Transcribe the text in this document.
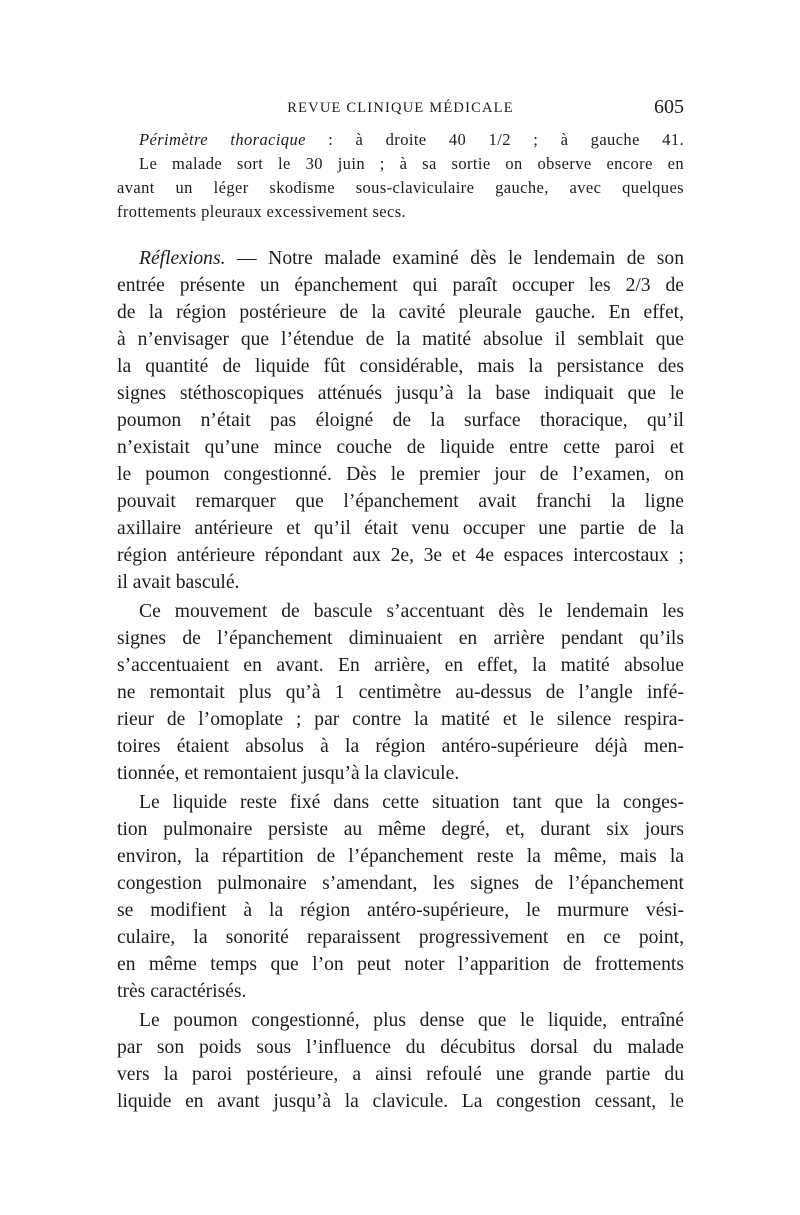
REVUE CLINIQUE MÉDICALE	605
Périmètre thoracique : à droite 40 1/2 ; à gauche 41.
Le malade sort le 30 juin ; à sa sortie on observe encore en
avant un léger skodisme sous-claviculaire gauche, avec quelques
frottements pleuraux excessivement secs.
Réflexions. — Notre malade examiné dès le lendemain de son
entrée présente un épanchement qui paraît occuper les 2/3 de
de la région postérieure de la cavité pleurale gauche. En effet,
à n’envisager que l’étendue de la matité absolue il semblait que
la quantité de liquide fût considérable, mais la persistance des
signes stéthoscopiques atténués jusqu’à la base indiquait que le
poumon n’était pas éloigné de la surface thoracique, qu’il
n’existait qu’une mince couche de liquide entre cette paroi et
le poumon congestionné. Dès le premier jour de l’examen, on
pouvait remarquer que l’épanchement avait franchi la ligne
axillaire antérieure et qu’il était venu occuper une partie de la
région antérieure répondant aux 2e, 3e et 4e espaces intercostaux ;
il avait basculé.
Ce mouvement de bascule s’accentuant dès le lendemain les
signes de l’épanchement diminuaient en arrière pendant qu’ils
s’accentuaient en avant. En arrière, en effet, la matité absolue
ne remontait plus qu’à 1 centimètre au-dessus de l’angle infé-
rieur de l’omoplate ; par contre la matité et le silence respira-
toires étaient absolus à la région antéro-supérieure déjà men-
tionnée, et remontaient jusqu’à la clavicule.
Le liquide reste fixé dans cette situation tant que la conges-
tion pulmonaire persiste au même degré, et, durant six jours
environ, la répartition de l’épanchement reste la même, mais la
congestion pulmonaire s’amendant, les signes de l’épanchement
se modifient à la région antéro-supérieure, le murmure vési-
culaire, la sonorité reparaissent progressivement en ce point,
en même temps que l’on peut noter l’apparition de frottements
très caractérisés.
Le poumon congestionné, plus dense que le liquide, entraîné
par son poids sous l’influence du décubitus dorsal du malade
vers la paroi postérieure, a ainsi refoulé une grande partie du
liquide en avant jusqu’à la clavicule. La congestion cessant, le
